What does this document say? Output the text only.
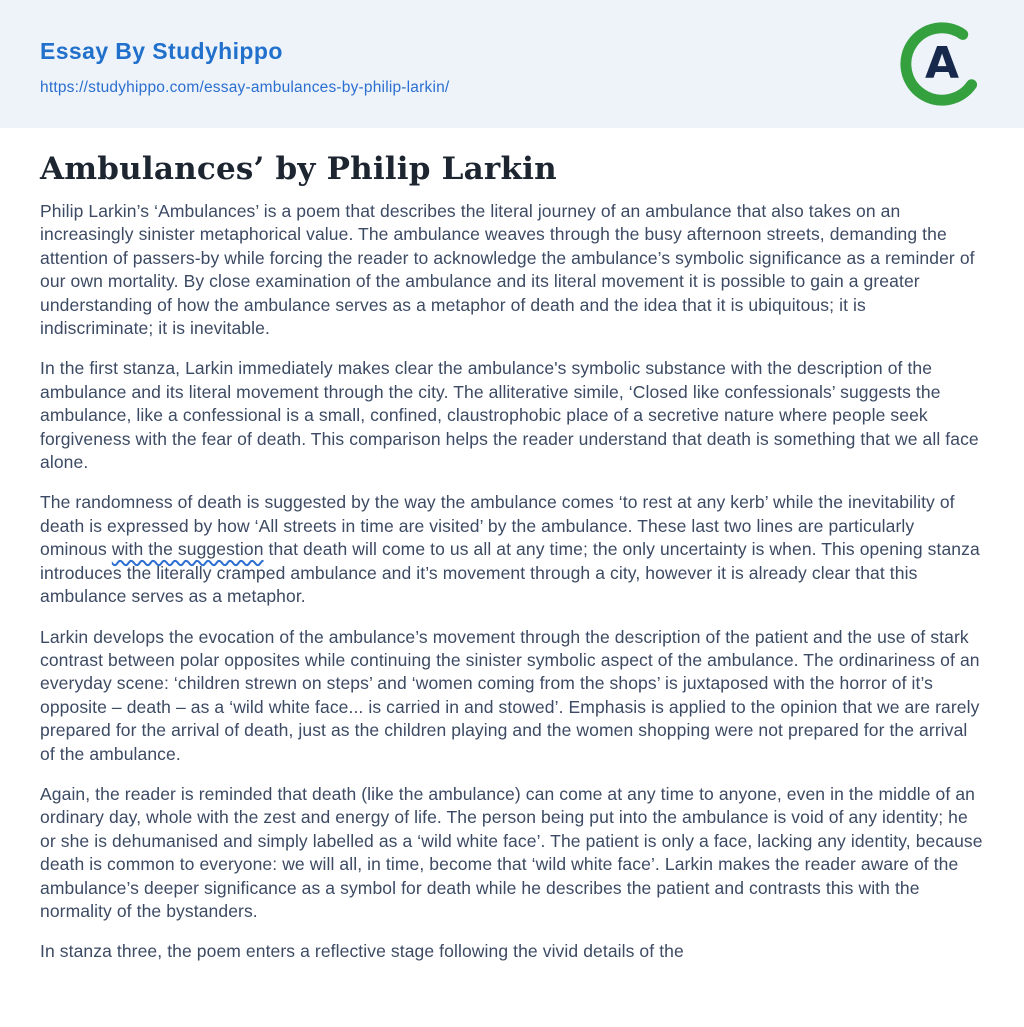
Essay By Studyhippo
https://studyhippo.com/essay-ambulances-by-philip-larkin/	A
Ambulances’ by Philip Larkin

Philip Larkin’s ‘Ambulances’ is a poem that describes the literal journey of an ambulance that also takes on an increasingly sinister metaphorical value. The ambulance weaves through the busy afternoon streets, demanding the attention of passers-by while forcing the reader to acknowledge the ambulance’s symbolic significance as a reminder of our own mortality. By close examination of the ambulance and its literal movement it is possible to gain a greater understanding of how the ambulance serves as a metaphor of death and the idea that it is ubiquitous; it is indiscriminate; it is inevitable.

In the first stanza, Larkin immediately makes clear the ambulance's symbolic substance with the description of the ambulance and its literal movement through the city. The alliterative simile, ‘Closed like confessionals’ suggests the ambulance, like a confessional is a small, confined, claustrophobic place of a secretive nature where people seek forgiveness with the fear of death. This comparison helps the reader understand that death is something that we all face alone.

The randomness of death is suggested by the way the ambulance comes ‘to rest at any kerb’ while the inevitability of death is expressed by how ‘All streets in time are visited’ by the ambulance. These last two lines are particularly ominous with the suggestion that death will come to us all at any time; the only uncertainty is when. This opening stanza introduces the literally cramped ambulance and it’s movement through a city, however it is already clear that this ambulance serves as a metaphor.

Larkin develops the evocation of the ambulance’s movement through the description of the patient and the use of stark contrast between polar opposites while continuing the sinister symbolic aspect of the ambulance. The ordinariness of an everyday scene: ‘children strewn on steps’ and ‘women coming from the shops’ is juxtaposed with the horror of it’s opposite – death – as a ‘wild white face... is carried in and stowed’. Emphasis is applied to the opinion that we are rarely prepared for the arrival of death, just as the children playing and the women shopping were not prepared for the arrival of the ambulance.

Again, the reader is reminded that death (like the ambulance) can come at any time to anyone, even in the middle of an ordinary day, whole with the zest and energy of life. The person being put into the ambulance is void of any identity; he or she is dehumanised and simply labelled as a ‘wild white face’. The patient is only a face, lacking any identity, because death is common to everyone: we will all, in time, become that ‘wild white face’. Larkin makes the reader aware of the ambulance’s deeper significance as a symbol for death while he describes the patient and contrasts this with the normality of the bystanders.

In stanza three, the poem enters a reflective stage following the vivid details of the
